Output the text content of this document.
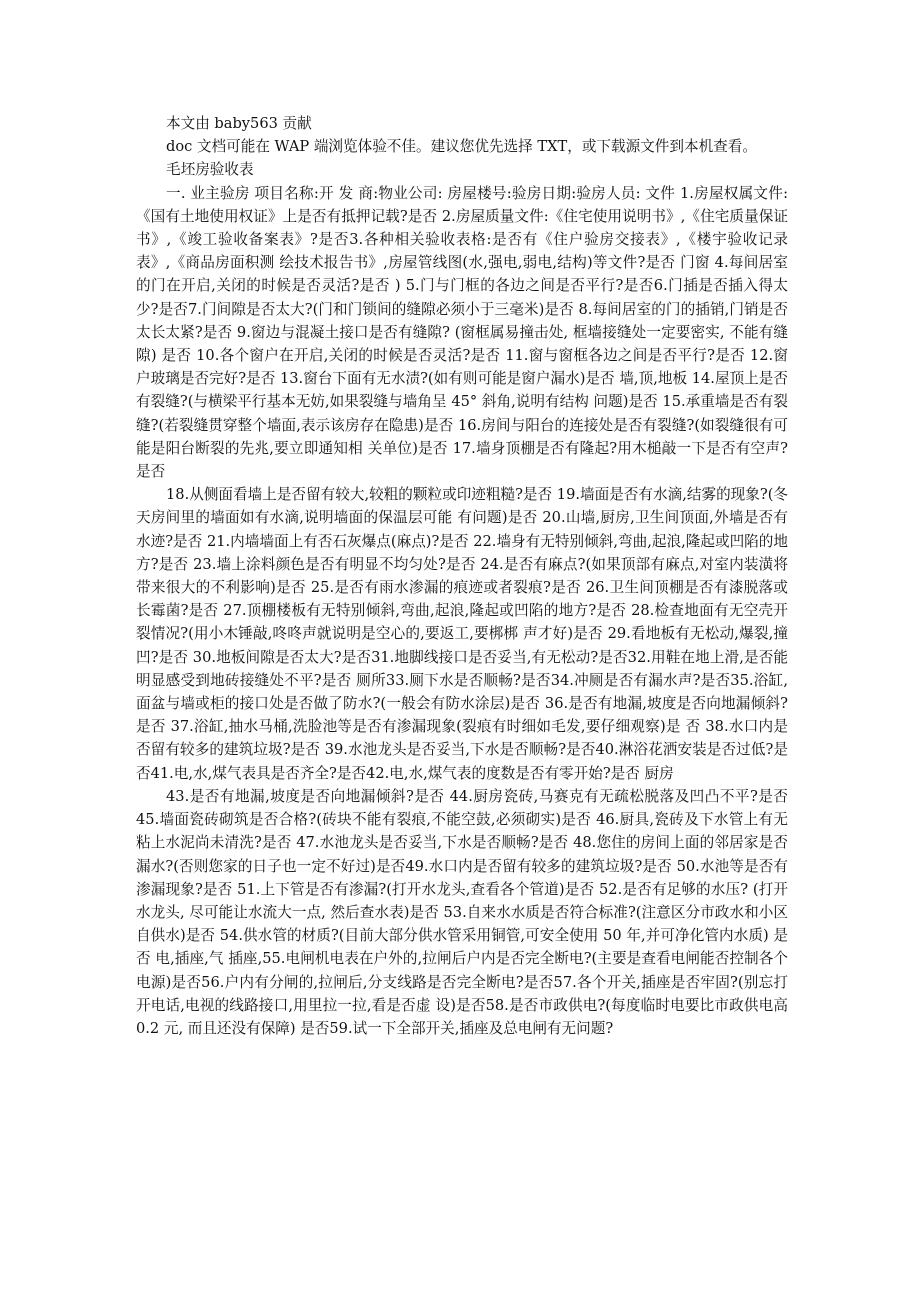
本文由 baby563 贡献

doc 文档可能在 WAP 端浏览体验不佳。建议您优先选择 TXT，或下载源文件到本机查看。

毛坯房验收表

一. 业主验房 项目名称:开 发 商:物业公司: 房屋楼号:验房日期:验房人员: 文件 1.房屋权属文件:《国有土地使用权证》上是否有抵押记载?是否 2.房屋质量文件:《住宅使用说明书》,《住宅质量保证书》,《竣工验收备案表》?是否3.各种相关验收表格:是否有《住户验房交接表》,《楼宇验收记录表》,《商品房面积测 绘技术报告书》,房屋管线图(水,强电,弱电,结构)等文件?是否 门窗 4.每间居室的门在开启,关闭的时候是否灵活?是否 ) 5.门与门框的各边之间是否平行?是否6.门插是否插入得太少?是否7.门间隙是否太大?(门和门锁间的缝隙必须小于三毫米)是否 8.每间居室的门的插销,门销是否太长太紧?是否 9.窗边与混凝土接口是否有缝隙? (窗框属易撞击处, 框墙接缝处一定要密实, 不能有缝隙) 是否 10.各个窗户在开启,关闭的时候是否灵活?是否 11.窗与窗框各边之间是否平行?是否 12.窗户玻璃是否完好?是否 13.窗台下面有无水渍?(如有则可能是窗户漏水)是否 墙,顶,地板 14.屋顶上是否有裂缝?(与横梁平行基本无妨,如果裂缝与墙角呈 45° 斜角,说明有结构 问题)是否 15.承重墙是否有裂缝?(若裂缝贯穿整个墙面,表示该房存在隐患)是否 16.房间与阳台的连接处是否有裂缝?(如裂缝很有可能是阳台断裂的先兆,要立即通知相 关单位)是否 17.墙身顶棚是否有隆起?用木槌敲一下是否有空声?是否

18.从侧面看墙上是否留有较大,较粗的颗粒或印迹粗糙?是否 19.墙面是否有水滴,结雾的现象?(冬天房间里的墙面如有水滴,说明墙面的保温层可能 有问题)是否 20.山墙,厨房,卫生间顶面,外墙是否有水迹?是否 21.内墙墙面上有否石灰爆点(麻点)?是否 22.墙身有无特别倾斜,弯曲,起浪,隆起或凹陷的地方?是否 23.墙上涂料颜色是否有明显不均匀处?是否 24.是否有麻点?(如果顶部有麻点,对室内装潢将带来很大的不利影响)是否 25.是否有雨水渗漏的痕迹或者裂痕?是否 26.卫生间顶棚是否有漆脱落或长霉菌?是否 27.顶棚楼板有无特别倾斜,弯曲,起浪,隆起或凹陷的地方?是否 28.检查地面有无空壳开裂情况?(用小木锤敲,咚咚声就说明是空心的,要返工,要梆梆 声才好)是否 29.看地板有无松动,爆裂,撞凹?是否 30.地板间隙是否太大?是否31.地脚线接口是否妥当,有无松动?是否32.用鞋在地上滑,是否能明显感受到地砖接缝处不平?是否 厕所33.厕下水是否顺畅?是否34.冲厕是否有漏水声?是否35.浴缸,面盆与墙或柜的接口处是否做了防水?(一般会有防水涂层)是否 36.是否有地漏,坡度是否向地漏倾斜?是否 37.浴缸,抽水马桶,洗脸池等是否有渗漏现象(裂痕有时细如毛发,要仔细观察)是 否 38.水口内是否留有较多的建筑垃圾?是否 39.水池龙头是否妥当,下水是否顺畅?是否40.淋浴花洒安装是否过低?是否41.电,水,煤气表具是否齐全?是否42.电,水,煤气表的度数是否有零开始?是否 厨房

43.是否有地漏,坡度是否向地漏倾斜?是否 44.厨房瓷砖,马赛克有无疏松脱落及凹凸不平?是否 45.墙面瓷砖砌筑是否合格?(砖块不能有裂痕,不能空鼓,必须砌实)是否 46.厨具,瓷砖及下水管上有无粘上水泥尚未清洗?是否 47.水池龙头是否妥当,下水是否顺畅?是否 48.您住的房间上面的邻居家是否漏水?(否则您家的日子也一定不好过)是否49.水口内是否留有较多的建筑垃圾?是否 50.水池等是否有渗漏现象?是否 51.上下管是否有渗漏?(打开水龙头,查看各个管道)是否 52.是否有足够的水压? (打开水龙头, 尽可能让水流大一点, 然后查水表)是否 53.自来水水质是否符合标准?(注意区分市政水和小区自供水)是否 54.供水管的材质?(目前大部分供水管采用铜管,可安全使用 50 年,并可净化管内水质) 是否 电,插座,气 插座,55.电闸机电表在户外的,拉闸后户内是否完全断电?(主要是查看电闸能否控制各个电源)是否56.户内有分闸的,拉闸后,分支线路是否完全断电?是否57.各个开关,插座是否牢固?(别忘打开电话,电视的线路接口,用里拉一拉,看是否虚 设)是否58.是否市政供电?(每度临时电要比市政供电高 0.2 元, 而且还没有保障) 是否59.试一下全部开关,插座及总电闸有无问题?
